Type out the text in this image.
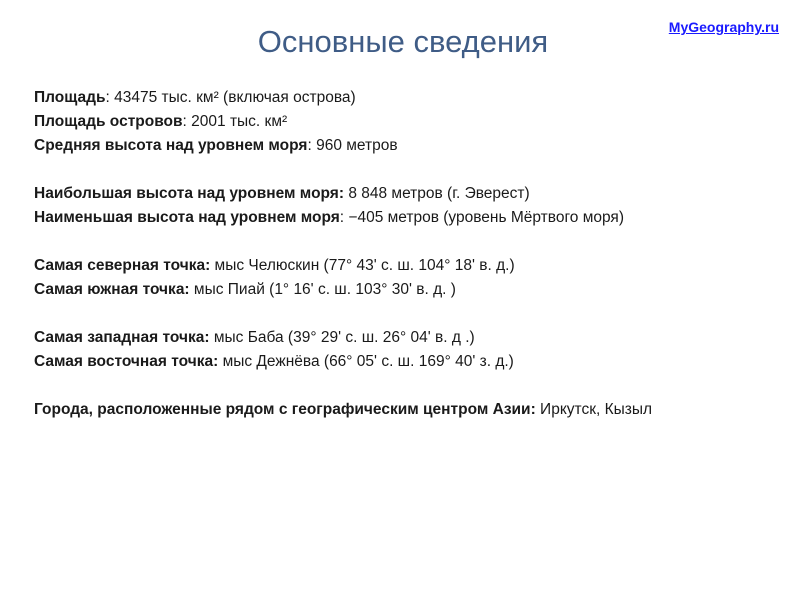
MyGeography.ru
Основные сведения
Площадь: 43475 тыс. км² (включая острова)
Площадь островов: 2001 тыс. км²
Средняя высота над уровнем моря: 960 метров
Наибольшая высота над уровнем моря: 8 848 метров (г. Эверест)
Наименьшая высота над уровнем моря: −405 метров (уровень Мёртвого моря)
Самая северная точка: мыс Челюскин (77° 43' с. ш. 104° 18' в. д.)
Самая южная точка: мыс Пиай (1° 16' с. ш. 103° 30' в. д. )
Самая западная точка: мыс Баба (39° 29' с. ш. 26° 04' в. д .)
Самая восточная точка: мыс Дежнёва (66° 05' с. ш. 169° 40' з. д.)
Города, расположенные рядом с географическим центром Азии: Иркутск, Кызыл
